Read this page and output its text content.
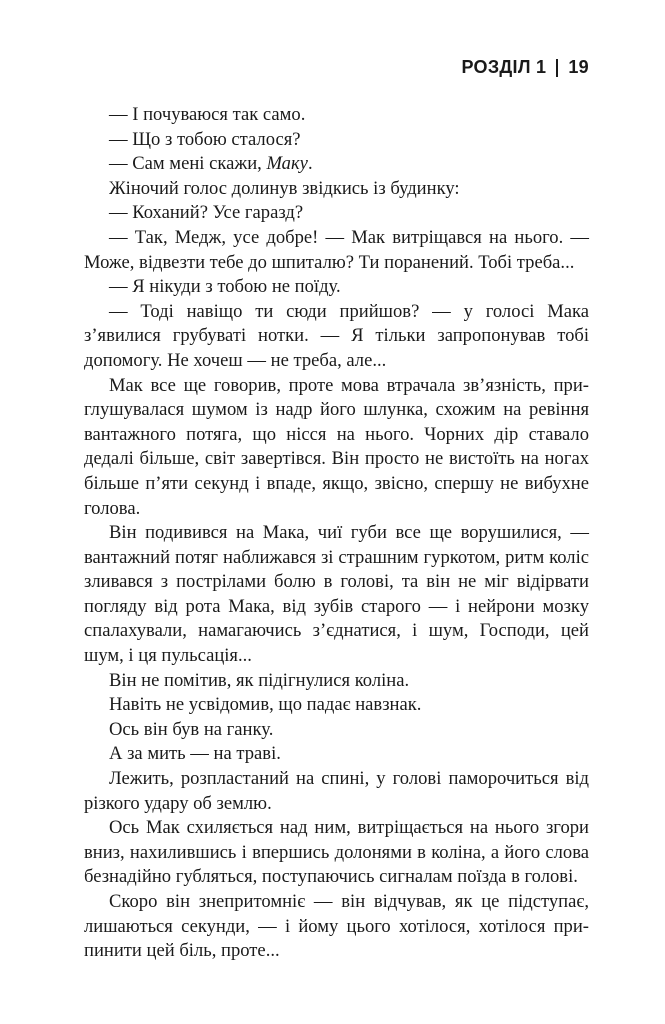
РОЗДІЛ 1 19

— І почуваюся так само.

— Що з тобою сталося?

— Сам мені скажи, Маку.

Жіночий голос долинув звідкись із будинку:

— Коханий? Усе гаразд?

— Так, Медж, усе добре! — Мак витріщався на нього. — Може, відвезти тебе до шпиталю? Ти поранений. Тобі треба...

— Я нікуди з тобою не поїду.

— Тоді навіщо ти сюди прийшов? — у голосі Мака з’явилися грубуваті нотки. — Я тільки запропонував тобі допомогу. Не хочеш — не треба, але...

Мак все ще говорив, проте мова втрачала зв’язність, приглушувалася шумом із надр його шлунка, схожим на ревіння вантажного потяга, що нісся на нього. Чорних дір ставало дедалі більше, світ завертівся. Він просто не вистоїть на ногах більше п’яти секунд і впаде, якщо, звісно, спершу не вибухне голова.

Він подивився на Мака, чиї губи все ще ворушилися, — вантажний потяг наближався зі страшним гуркотом, ритм коліс зливався з пострілами болю в голові, та він не міг відірвати погляду від рота Мака, від зубів старого — і нейрони мозку спалахували, намагаючись з’єднатися, і шум, Господи, цей шум, і ця пульсація...

Він не помітив, як підігнулися коліна.

Навіть не усвідомив, що падає навзнак.

Ось він був на ганку.

А за мить — на траві.

Лежить, розпластаний на спині, у голові паморочиться від різкого удару об землю.

Ось Мак схиляється над ним, витріщається на нього згори вниз, нахилившись і впершись долонями в коліна, а його слова безнадійно губляться, поступаючись сигналам поїзда в голові.

Скоро він знепритомніє — він відчував, як це підступає, лишаються секунди, — і йому цього хотілося, хотілося припинити цей біль, проте...
